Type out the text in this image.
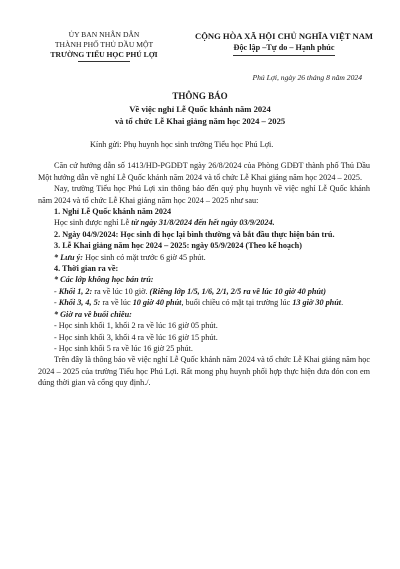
ỦY BAN NHÂN DÂN
THÀNH PHỐ THỦ DẦU MỘT
TRƯỜNG TIỂU HỌC PHÚ LỢI
CỘNG HÒA XÃ HỘI CHỦ NGHĨA VIỆT NAM
Độc lập –Tự do – Hạnh phúc
Phú Lợi, ngày 26 tháng 8 năm 2024
THÔNG BÁO
Về việc nghỉ Lễ Quốc khánh năm 2024
và tổ chức Lễ Khai giảng năm học 2024 – 2025

Kính gửi: Phụ huynh học sinh trường Tiểu học Phú Lợi.

Căn cứ hướng dẫn số 1413/HD-PGDĐT ngày 26/8/2024 của Phòng GDĐT thành phố Thủ Dầu Một hướng dẫn về nghỉ Lễ Quốc khánh năm 2024 và tổ chức Lễ Khai giảng năm học 2024 – 2025.

Nay, trường Tiểu học Phú Lợi xin thông báo đến quý phụ huynh về việc nghỉ Lễ Quốc khánh năm 2024 và tổ chức Lễ Khai giảng năm học 2024 – 2025 như sau:

1. Nghỉ Lễ Quốc khánh năm 2024

Học sinh được nghỉ Lễ từ ngày 31/8/2024 đến hết ngày 03/9/2024.

2. Ngày 04/9/2024: Học sinh đi học lại bình thường và bắt đầu thực hiện bán trú.

3. Lễ Khai giảng năm học 2024 – 2025: ngày 05/9/2024 (Theo kế hoạch)

* Lưu ý: Học sinh có mặt trước 6 giờ 45 phút.

4. Thời gian ra về:

* Các lớp không học bán trú:

- Khối 1, 2: ra về lúc 10 giờ. (Riêng lớp 1/5, 1/6, 2/1, 2/5 ra về lúc 10 giờ 40 phút)

- Khối 3, 4, 5: ra về lúc 10 giờ 40 phút, buổi chiều có mặt tại trường lúc 13 giờ 30 phút.

* Giờ ra về buổi chiều:

- Học sinh khối 1, khối 2 ra về lúc 16 giờ 05 phút.

- Học sinh khối 3, khối 4 ra về lúc 16 giờ 15 phút.

- Học sinh khối 5 ra về lúc 16 giờ 25 phút.

Trên đây là thông báo về việc nghỉ Lễ Quốc khánh năm 2024 và tổ chức Lễ Khai giảng năm học 2024 – 2025 của trường Tiểu học Phú Lợi. Rất mong phụ huynh phối hợp thực hiện đưa đón con em đúng thời gian và cổng quy định./.
